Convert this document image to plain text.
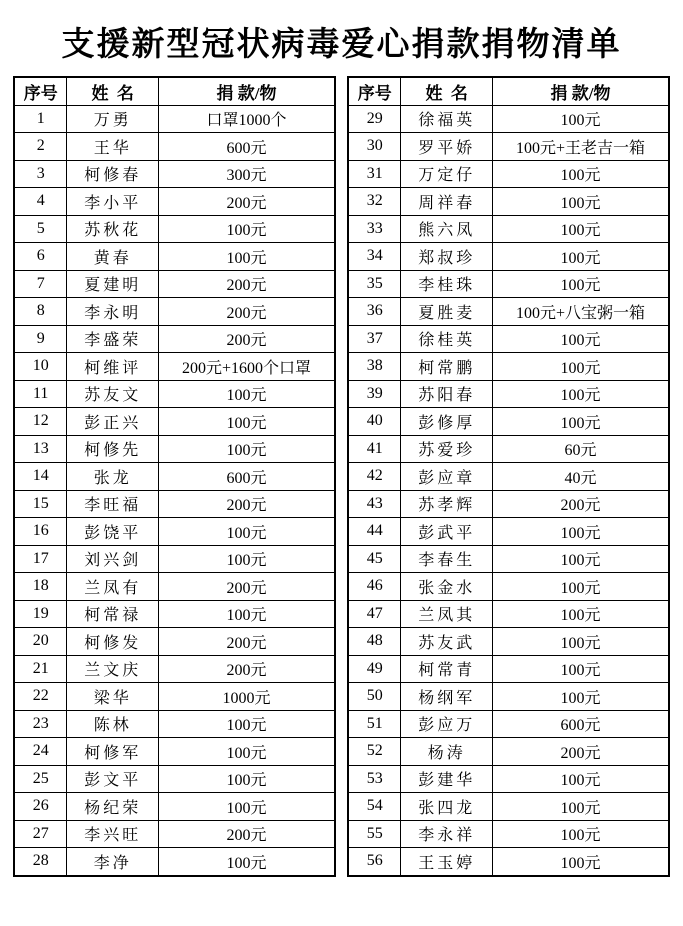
支援新型冠状病毒爱心捐款捐物清单
序号	姓  名	捐 款/物
1	万勇	口罩1000个
2	王华	600元
3	柯修春	300元
4	李小平	200元
5	苏秋花	100元
6	黄春	100元
7	夏建明	200元
8	李永明	200元
9	李盛荣	200元
10	柯维评	200元+1600个口罩
11	苏友文	100元
12	彭正兴	100元
13	柯修先	100元
14	张龙	600元
15	李旺福	200元
16	彭饶平	100元
17	刘兴剑	100元
18	兰凤有	200元
19	柯常禄	100元
20	柯修发	200元
21	兰文庆	200元
22	梁华	1000元
23	陈林	100元
24	柯修军	100元
25	彭文平	100元
26	杨纪荣	100元
27	李兴旺	200元
28	李净	100元
序号	姓  名	捐 款/物
29	徐福英	100元
30	罗平娇	100元+王老吉一箱
31	万定仔	100元
32	周祥春	100元
33	熊六凤	100元
34	郑叔珍	100元
35	李桂珠	100元
36	夏胜麦	100元+八宝粥一箱
37	徐桂英	100元
38	柯常鹏	100元
39	苏阳春	100元
40	彭修厚	100元
41	苏爱珍	60元
42	彭应章	40元
43	苏孝辉	200元
44	彭武平	100元
45	李春生	100元
46	张金水	100元
47	兰凤其	100元
48	苏友武	100元
49	柯常青	100元
50	杨纲军	100元
51	彭应万	600元
52	杨涛	200元
53	彭建华	100元
54	张四龙	100元
55	李永祥	100元
56	王玉婷	100元
